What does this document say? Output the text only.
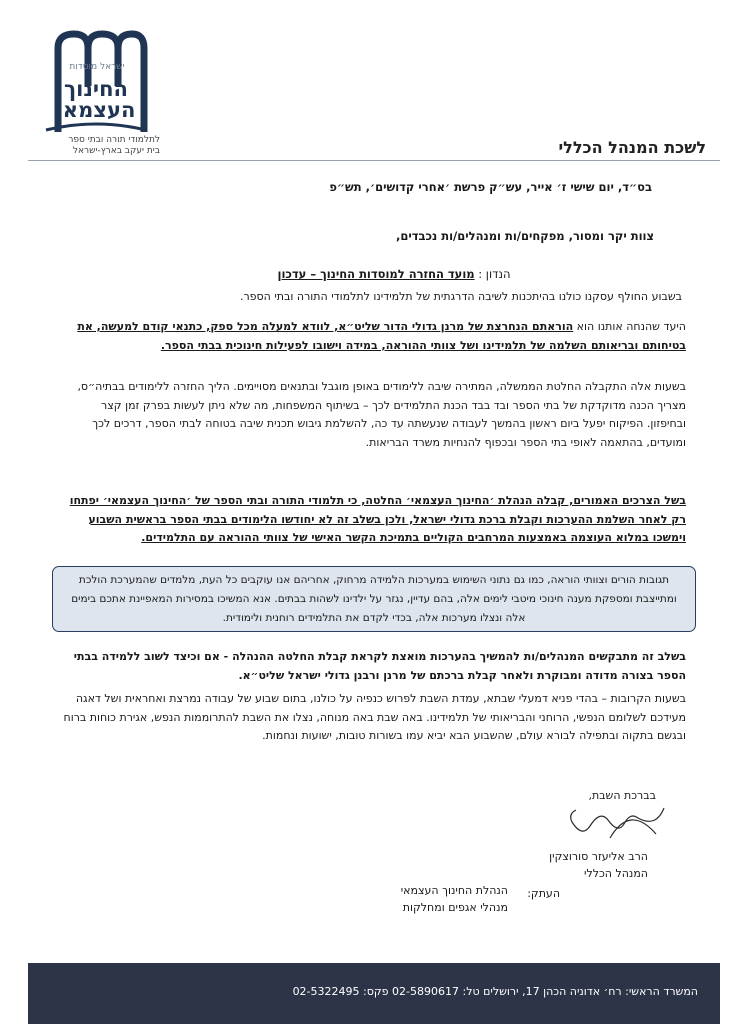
ישראל מוסדות
החינוך
העצמאי
לתלמודי תורה ובתי ספר
בית יעקב בארץ-ישראל	לשכת המנהל הכללי
בס״ד, יום שישי ז׳ אייר, עש״ק פרשת ׳אחרי קדושים׳, תש״פ
צוות יקר ומסור, מפקחים/ות ומנהלים/ות נכבדים,
הנדון : מועד החזרה למוסדות החינוך – עדכון
בשבוע החולף עסקנו כולנו בהיתכנות לשיבה הדרגתית של תלמידינו לתלמודי התורה ובתי הספר.
היעד שהנחה אותנו הוא הוראתם הנחרצת של מרנן גדולי הדור שליט״א, לוודא למעלה מכל ספק, כתנאי קודם למעשה, את בטיחותם ובריאותם השלמה של תלמידינו ושל צוותי ההוראה, במידה וישובו לפעילות חינוכית בבתי הספר.
בשעות אלה התקבלה החלטת הממשלה, המתירה שיבה ללימודים באופן מוגבל ובתנאים מסויימים. הליך החזרה ללימודים בבתיה״ס, מצריך הכנה מדוקדקת של בתי הספר ובד בבד הכנת התלמידים לכך – בשיתוף המשפחות, מה שלא ניתן לעשות בפרק זמן קצר ובחיפזון. הפיקוח יפעל ביום ראשון בהמשך לעבודה שנעשתה עד כה, להשלמת גיבוש תכנית שיבה בטוחה לבתי הספר, דרכים לכך ומועדים, בהתאמה לאופי בתי הספר ובכפוף להנחיות משרד הבריאות.
בשל הצרכים האמורים, קבלה הנהלת ׳החינוך העצמאי׳ החלטה, כי תלמודי התורה ובתי הספר של ׳החינוך העצמאי׳ יפתחו רק לאחר השלמת ההערכות וקבלת ברכת גדולי ישראל, ולכן בשלב זה לא יחודשו הלימודים בבתי הספר בראשית השבוע וימשכו במלוא העוצמה באמצעות המרחבים הקוליים בתמיכת הקשר האישי של צוותי ההוראה עם התלמידים.
תגובות הורים וצוותי הוראה, כמו גם נתוני השימוש במערכות הלמידה מרחוק, אחריהם אנו עוקבים כל העת, מלמדים שהמערכת הולכת ומתייצבת ומספקת מענה חינוכי מיטבי לימים אלה, בהם עדיין, נגזר על ילדינו לשהות בבתים. אנא המשיכו במסירות המאפיינת אתכם בימים אלה ונצלו מערכות אלה, בכדי לקדם את התלמידים רוחנית ולימודית.
בשלב זה מתבקשים המנהלים/ות להמשיך בהערכות מואצת לקראת קבלת החלטה ההנהלה - אם וכיצד לשוב ללמידה בבתי הספר בצורה מדודה ומבוקרת ולאחר קבלת ברכתם של מרנן ורבנן גדולי ישראל שליט״א.
בשעות הקרובות – בהדי פניא דמעלי שבתא, עמדת השבת לפרוש כנפיה על כולנו, בתום שבוע של עבודה נמרצת ואחראית ושל דאגה מעידכם לשלומם הנפשי, הרוחני והבריאותי של תלמידינו. באה שבת באה מנוחה, נצלו את השבת להתרוממות הנפש, אגירת כוחות ברוח ובגשם בתקוה ובתפילה לבורא עולם, שהשבוע הבא יביא עמו בשורות טובות, ישועות ונחמות.
בברכת השבת,
הרב אליעזר סורוצקין
המנהל הכללי
העתק:
הנהלת החינוך העצמאי
מנהלי אגפים ומחלקות
המשרד הראשי: רח׳ אדוניה הכהן 17, ירושלים טל: 02-5890617 פקס: 02-5322495
